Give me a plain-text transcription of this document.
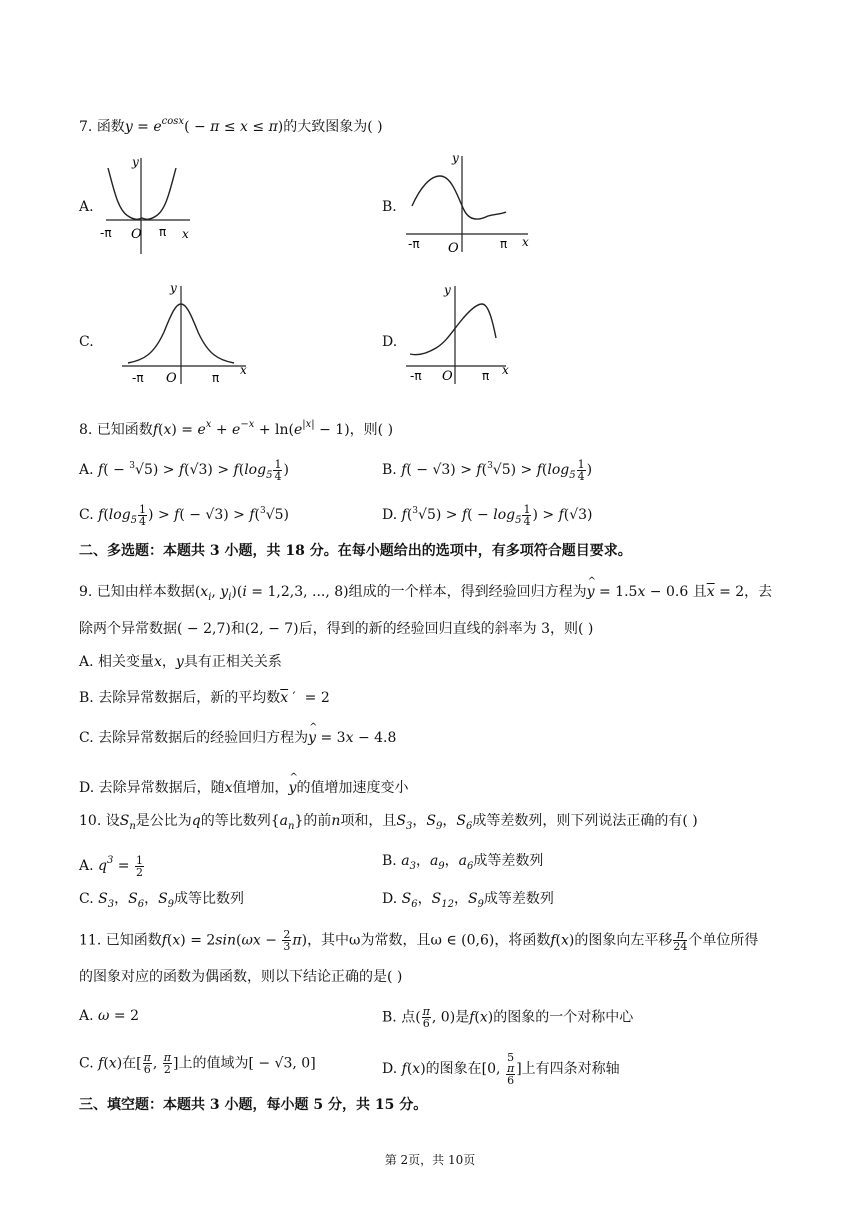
7. 函数$y = e^{cosx}( - \pi \le x \le \pi)$的大致图象为( )
A.
-π O π x
y
B.
-π O	π x
y
C.
-π O	π
x
y
D.
-π O π x
y
8. 已知函数$f(x) = e^x + e^{-x} + \ln(e^{|x|} - 1)$，则( )
A. $f( - ^3√5) > f(√3) > f(\log_5 \frac{1}{4}$ )	B. $f( - √3) > f(^3√5) > f(\log_5 \frac{1}{4}$ )
C. $f(\log_5 \frac{1}{4}$ ) > f( − √3) > f($^3$√5)	D. $f(^3√5) > f( - \log_5 \frac{1}{4}$ ) > f(√3)
二、多选题：本题共 3 小题，共 18 分。在每小题给出的选项中，有多项符合题目要求。
9. 已知由样本数据($x_i$, $y_i)(i = 1,2,3$, ..., 8)组成的一个样本，得到经验回归方程为^ y = 1.5x − 0.6 且$\overline{x} = 2$，去
除两个异常数据( − 2,7)和(2, − 7)后，得到的新的经验回归直线的斜率为 3，则( )
A. 相关变量x，y具有正相关关系
B. 去除异常数据后，新的平均数$\overline{x}$ ′  = 2
C. 去除异常数据后的经验回归方程为^ y = 3x − 4.8
D. 去除异常数据后，随x值增加，^ y的值增加速度变小
10. 设$S_n$是公比为q的等比数列$\{a_n\}$的前n项和，且$S_3$，$S_9$，$S_6$成等差数列，则下列说法正确的有( )
A. $q^3 = \frac{1}{2}$	B. $a_3$，$a_9$，$a_6$成等差数列
C. $S_3$，$S_6$，$S_9$成等比数列	D. $S_6$，$S_{12}$，$S_9$成等差数列
11. 已知函数$f(x) = 2\sin(\omega x - \frac{2}{3} \pi)$，其中ω为常数，且ω ∈ (0,6)，将函数f(x)的图象向左平移 $\frac{\pi}{24}$ 个单位所得
的图象对应的函数为偶函数，则以下结论正确的是( )
A. ω = 2	B. 点( $\frac{\pi}{6}$ , 0)是f(x)的图象的一个对称中心
C. f(x)在[ $\frac{\pi}{6}$ , $\frac{\pi}{2}$ ]上的值域为[ − √3, 0]	D. f(x)的图象在[0, 5
π
6 ]上有四条对称轴
三、填空题：本题共 3 小题，每小题 5 分，共 15 分。
第 2页，共 10页
